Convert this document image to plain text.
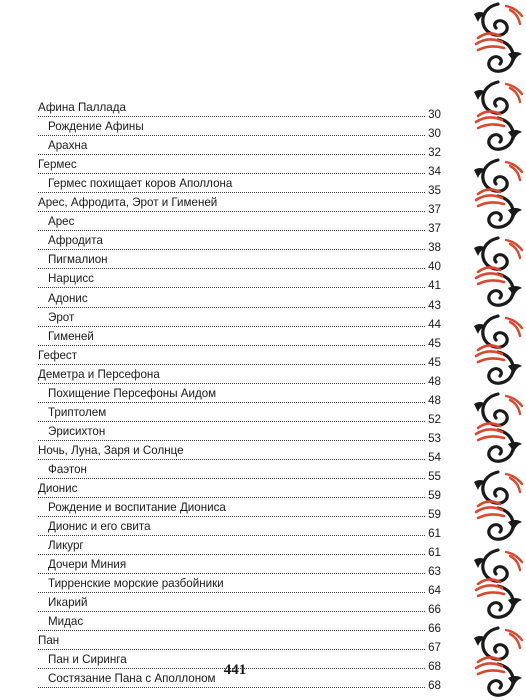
Афина Паллада
30
Рождение Афины
30
Арахна
32
Гермес
34
Гермес похищает коров Аполлона
35
Арес, Афродита, Эрот и Гименей
37
Арес
37
Афродита
38
Пигмалион
40
Нарцисс
41
Адонис
43
Эрот
44
Гименей
45
Гефест
45
Деметра и Персефона
48
Похищение Персефоны Аидом
48
Триптолем
52
Эрисихтон
53
Ночь, Луна, Заря и Солнце
54
Фаэтон
55
Дионис
59
Рождение и воспитание Диониса
59
Дионис и его свита
61
Ликург
61
Дочери Миния
63
Тирренские морские разбойники
64
Икарий
66
Мидас
66
Пан
67
Пан и Сиринга
68
Состязание Пана с Аполлоном
68
441
